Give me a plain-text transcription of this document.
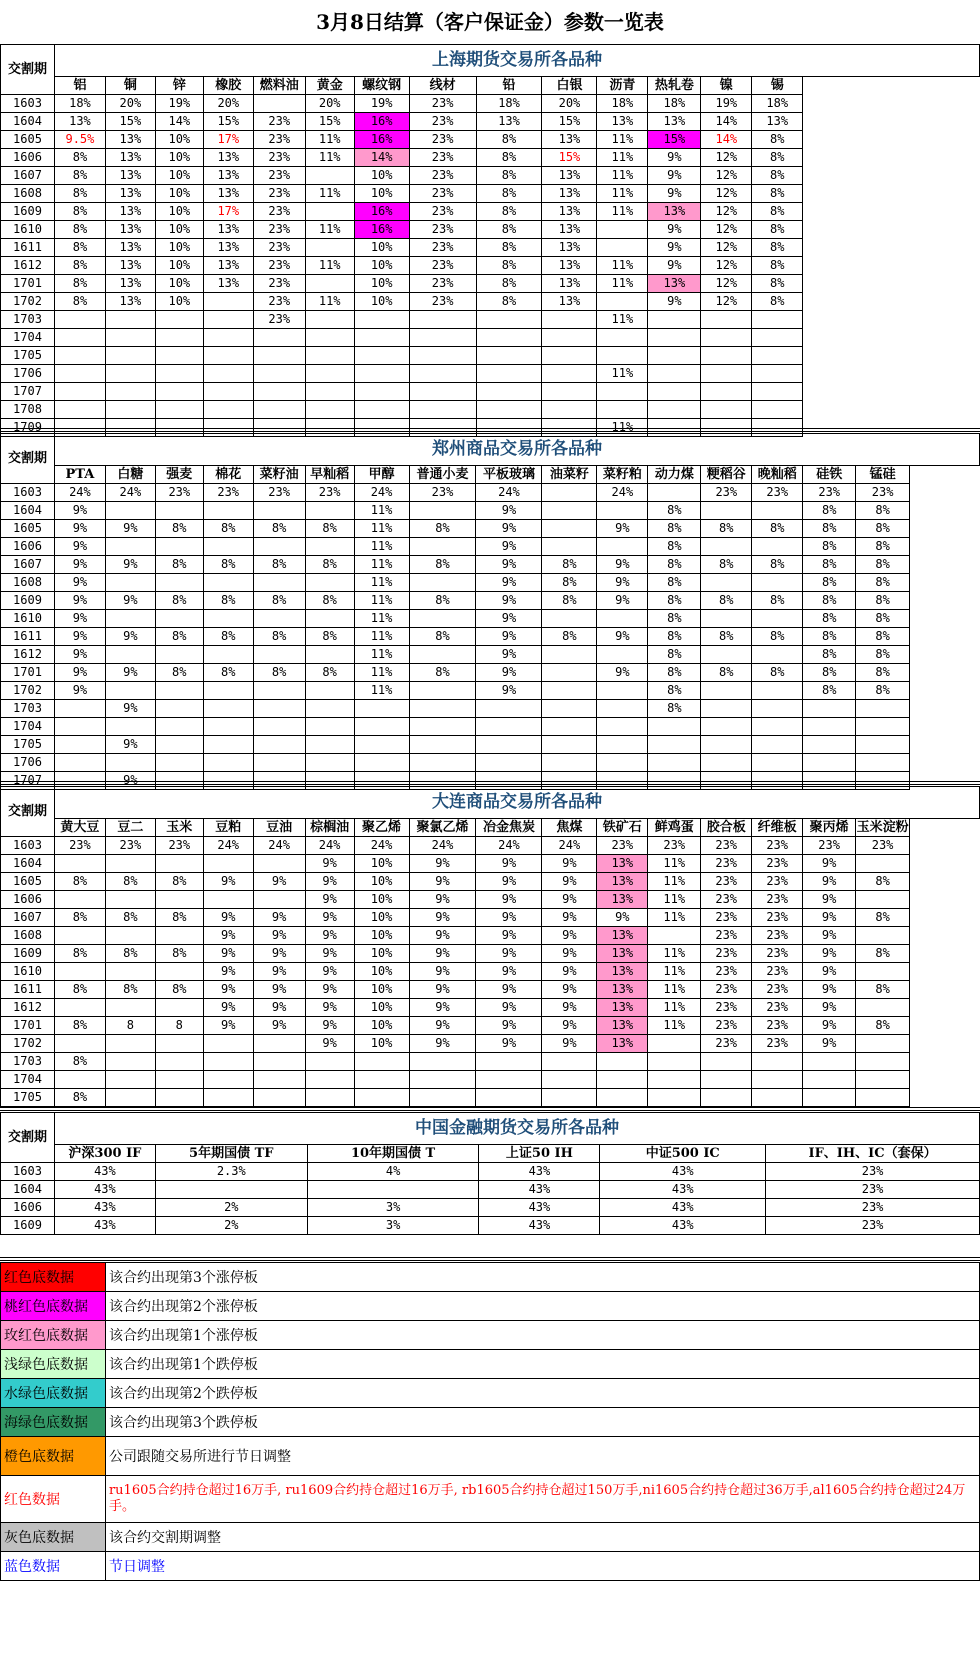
3月8日结算（客户保证金）参数一览表
交割期	上海期货交易所各品种														
	铝	铜	锌	橡胶	燃料油	黄金	螺纹钢	线材	铅	白银	沥青	热轧卷	镍	锡	
1603	18%	20%	19%	20%		20%	19%	23%	18%	20%	18%	18%	19%	18%	
1604	13%	15%	14%	15%	23%	15%	16%	23%	13%	15%	13%	13%	14%	13%	
1605	9.5%	13%	10%	17%	23%	11%	16%	23%	8%	13%	11%	15%	14%	8%	
1606	8%	13%	10%	13%	23%	11%	14%	23%	8%	15%	11%	9%	12%	8%	
1607	8%	13%	10%	13%	23%		10%	23%	8%	13%	11%	9%	12%	8%	
1608	8%	13%	10%	13%	23%	11%	10%	23%	8%	13%	11%	9%	12%	8%	
1609	8%	13%	10%	17%	23%		16%	23%	8%	13%	11%	13%	12%	8%	
1610	8%	13%	10%	13%	23%	11%	16%	23%	8%	13%		9%	12%	8%	
1611	8%	13%	10%	13%	23%		10%	23%	8%	13%		9%	12%	8%	
1612	8%	13%	10%	13%	23%	11%	10%	23%	8%	13%	11%	9%	12%	8%	
1701	8%	13%	10%	13%	23%		10%	23%	8%	13%	11%	13%	12%	8%	
1702	8%	13%	10%		23%	11%	10%	23%	8%	13%		9%	12%	8%	
1703					23%						11%				
1704															
1705															
1706											11%				
1707															
1708															
1709											11%				
交割期	郑州商品交易所各品种																
	PTA	白糖	强麦	棉花	菜籽油	早籼稻	甲醇	普通小麦	平板玻璃	油菜籽	菜籽粕	动力煤	粳稻谷	晚籼稻	硅铁	锰硅	
1603	24%	24%	23%	23%	23%	23%	24%	23%	24%		24%		23%	23%	23%	23%	
1604	9%						11%		9%			8%			8%	8%	
1605	9%	9%	8%	8%	8%	8%	11%	8%	9%		9%	8%	8%	8%	8%	8%	
1606	9%						11%		9%			8%			8%	8%	
1607	9%	9%	8%	8%	8%	8%	11%	8%	9%	8%	9%	8%	8%	8%	8%	8%	
1608	9%						11%		9%	8%	9%	8%			8%	8%	
1609	9%	9%	8%	8%	8%	8%	11%	8%	9%	8%	9%	8%	8%	8%	8%	8%	
1610	9%						11%		9%			8%			8%	8%	
1611	9%	9%	8%	8%	8%	8%	11%	8%	9%	8%	9%	8%	8%	8%	8%	8%	
1612	9%						11%		9%			8%			8%	8%	
1701	9%	9%	8%	8%	8%	8%	11%	8%	9%		9%	8%	8%	8%	8%	8%	
1702	9%						11%		9%			8%			8%	8%	
1703		9%										8%					
1704																	
1705		9%															
1706																	
1707		9%															
交割期	大连商品交易所各品种																
	黄大豆	豆二	玉米	豆粕	豆油	棕榈油	聚乙烯	聚氯乙烯	冶金焦炭	焦煤	铁矿石	鲜鸡蛋	胶合板	纤维板	聚丙烯	玉米淀粉	
1603	23%	23%	23%	24%	24%	24%	24%	24%	24%	24%	23%	23%	23%	23%	23%	23%	
1604						9%	10%	9%	9%	9%	13%	11%	23%	23%	9%		
1605	8%	8%	8%	9%	9%	9%	10%	9%	9%	9%	13%	11%	23%	23%	9%	8%	
1606						9%	10%	9%	9%	9%	13%	11%	23%	23%	9%		
1607	8%	8%	8%	9%	9%	9%	10%	9%	9%	9%	9%	11%	23%	23%	9%	8%	
1608				9%	9%	9%	10%	9%	9%	9%	13%		23%	23%	9%		
1609	8%	8%	8%	9%	9%	9%	10%	9%	9%	9%	13%	11%	23%	23%	9%	8%	
1610				9%	9%	9%	10%	9%	9%	9%	13%	11%	23%	23%	9%		
1611	8%	8%	8%	9%	9%	9%	10%	9%	9%	9%	13%	11%	23%	23%	9%	8%	
1612				9%	9%	9%	10%	9%	9%	9%	13%	11%	23%	23%	9%		
1701	8%	8	8	9%	9%	9%	10%	9%	9%	9%	13%	11%	23%	23%	9%	8%	
1702						9%	10%	9%	9%	9%	13%		23%	23%	9%		
1703	8%																
1704																	
1705	8%																
交割期	中国金融期货交易所各品种					
	沪深300 IF	5年期国债 TF	10年期国债 T	上证50 IH	中证500 IC	IF、IH、IC（套保）
1603	43%	2.3%	4%	43%	43%	23%
1604	43%			43%	43%	23%
1606	43%	2%	3%	43%	43%	23%
1609	43%	2%	3%	43%	43%	23%
红色底数据	该合约出现第3个涨停板
桃红色底数据	该合约出现第2个涨停板
玫红色底数据	该合约出现第1个涨停板
浅绿色底数据	该合约出现第1个跌停板
水绿色底数据	该合约出现第2个跌停板
海绿色底数据	该合约出现第3个跌停板
橙色底数据	公司跟随交易所进行节日调整
红色数据	ru1605合约持仓超过16万手, ru1609合约持仓超过16万手, rb1605合约持仓超过150万手,ni1605合约持仓超过36万手,al1605合约持仓超过24万手。
灰色底数据	该合约交割期调整
蓝色数据	节日调整
